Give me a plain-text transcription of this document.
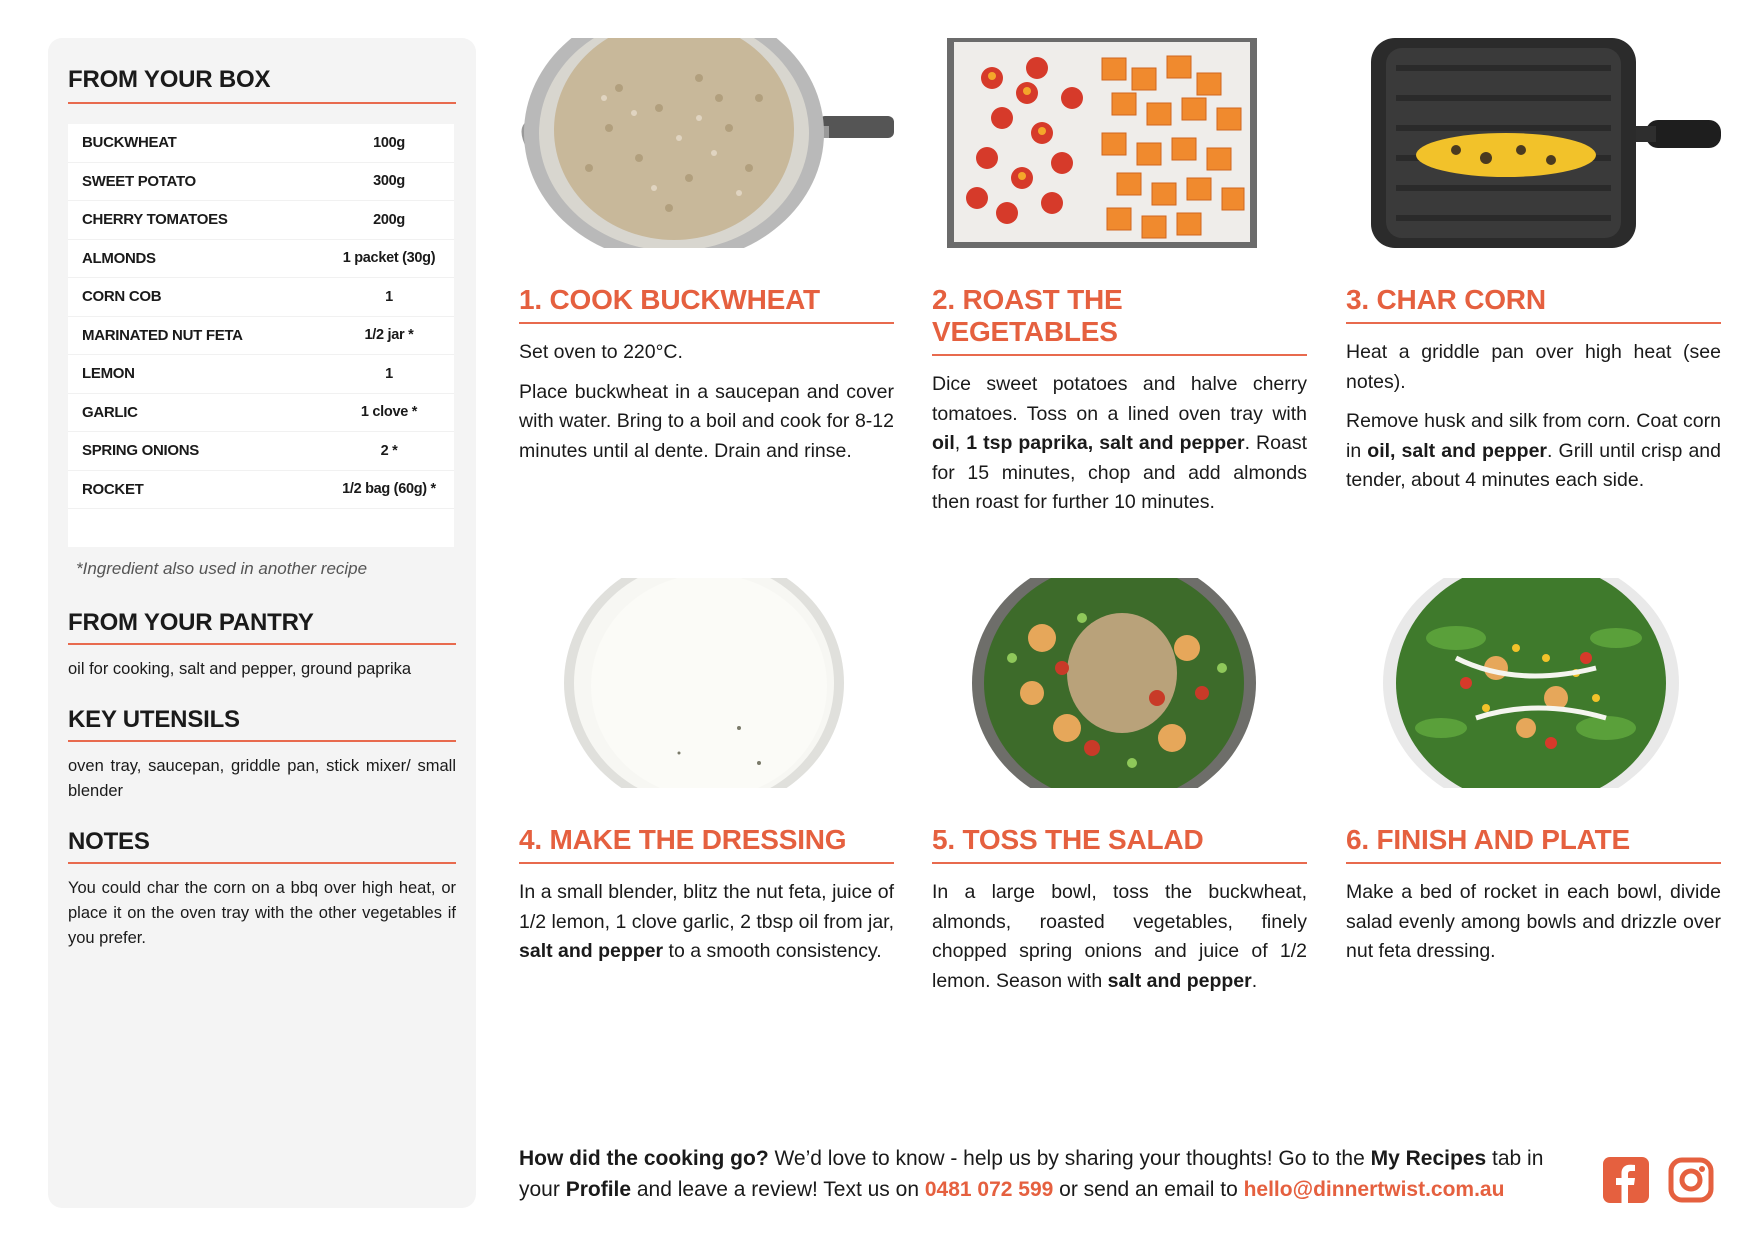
FROM YOUR BOX
BUCKWHEAT	100g
SWEET POTATO	300g
CHERRY TOMATOES	200g
ALMONDS	1 packet (30g)
CORN COB	1
MARINATED NUT FETA	1/2 jar *
LEMON	1
GARLIC	1 clove *
SPRING ONIONS	2 *
ROCKET	1/2 bag (60g) *
*Ingredient also used in another recipe
FROM YOUR PANTRY
oil for cooking, salt and pepper, ground paprika
KEY UTENSILS
oven tray, saucepan, griddle pan, stick mixer/ small blender
NOTES
You could char the corn on a bbq over high heat, or place it on the oven tray with the other vegetables if you prefer.
1. COOK BUCKWHEAT

Set oven to 220°C.

Place buckwheat in a saucepan and cover with water. Bring to a boil and cook for 8-12 minutes until al dente. Drain and rinse.

2. ROAST THE VEGETABLES

Dice sweet potatoes and halve cherry tomatoes. Toss on a lined oven tray with oil, 1 tsp paprika, salt and pepper. Roast for 15 minutes, chop and add almonds then roast for further 10 minutes.

3. CHAR CORN

Heat a griddle pan over high heat (see notes).

Remove husk and silk from corn. Coat corn in oil, salt and pepper. Grill until crisp and tender, about 4 minutes each side.

4. MAKE THE DRESSING

In a small blender, blitz the nut feta, juice of 1/2 lemon, 1 clove garlic, 2 tbsp oil from jar, salt and pepper to a smooth consistency.

5. TOSS THE SALAD

In a large bowl, toss the buckwheat, almonds, roasted vegetables, finely chopped spring onions and juice of 1/2 lemon. Season with salt and pepper.

6. FINISH AND PLATE

Make a bed of rocket in each bowl, divide salad evenly among bowls and drizzle over nut feta dressing.

How did the cooking go? We’d love to know - help us by sharing your thoughts! Go to the My Recipes tab in your Profile and leave a review! Text us on 0481 072 599 or send an email to hello@dinnertwist.com.au
